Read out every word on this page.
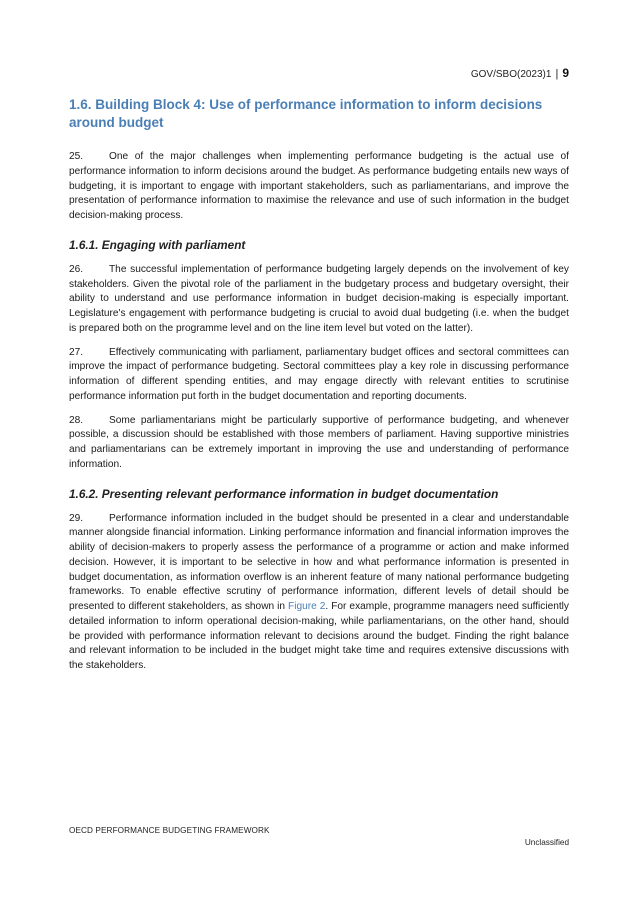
GOV/SBO(2023)1 | 9
1.6. Building Block 4: Use of performance information to inform decisions around budget

25.	One of the major challenges when implementing performance budgeting is the actual use of performance information to inform decisions around the budget. As performance budgeting entails new ways of budgeting, it is important to engage with important stakeholders, such as parliamentarians, and improve the presentation of performance information to maximise the relevance and use of such information in the budget decision-making process.

1.6.1. Engaging with parliament

26.	The successful implementation of performance budgeting largely depends on the involvement of key stakeholders. Given the pivotal role of the parliament in the budgetary process and budgetary oversight, their ability to understand and use performance information in budget decision-making is especially important. Legislature's engagement with performance budgeting is crucial to avoid dual budgeting (i.e. when the budget is prepared both on the programme level and on the line item level but voted on the latter).

27.	Effectively communicating with parliament, parliamentary budget offices and sectoral committees can improve the impact of performance budgeting. Sectoral committees play a key role in discussing performance information of different spending entities, and may engage directly with relevant entities to scrutinise performance information put forth in the budget documentation and reporting documents.

28.	Some parliamentarians might be particularly supportive of performance budgeting, and whenever possible, a discussion should be established with those members of parliament. Having supportive ministries and parliamentarians can be extremely important in improving the use and understanding of performance information.

1.6.2. Presenting relevant performance information in budget documentation

29.	Performance information included in the budget should be presented in a clear and understandable manner alongside financial information. Linking performance information and financial information improves the ability of decision-makers to properly assess the performance of a programme or action and make informed decision. However, it is important to be selective in how and what performance information is presented in budget documentation, as information overflow is an inherent feature of many national performance budgeting frameworks. To enable effective scrutiny of performance information, different levels of detail should be presented to different stakeholders, as shown in Figure 2. For example, programme managers need sufficiently detailed information to inform operational decision-making, while parliamentarians, on the other hand, should be provided with performance information relevant to decisions around the budget. Finding the right balance and relevant information to be included in the budget might take time and requires extensive discussions with the stakeholders.

OECD PERFORMANCE BUDGETING FRAMEWORK
Unclassified
